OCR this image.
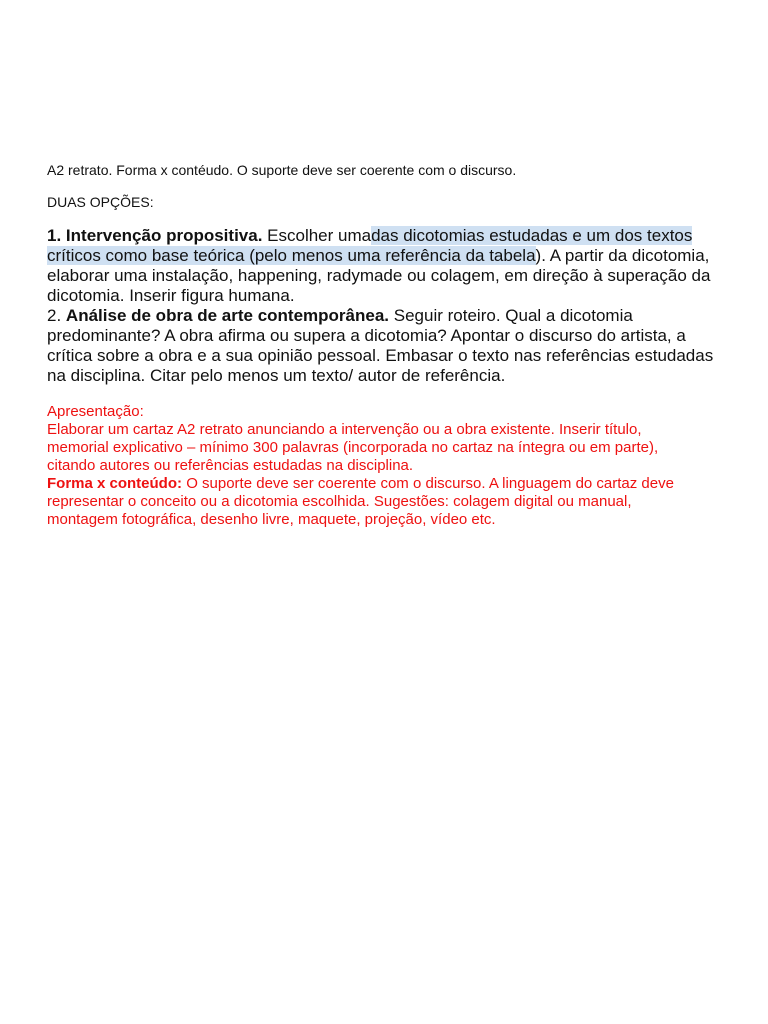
A2 retrato. Forma x contéudo. O suporte deve ser coerente com o discurso.
DUAS OPÇÕES:
1. Intervenção propositiva. Escolher umadas dicotomias estudadas e um dos textos
críticos como base teórica (pelo menos uma referência da tabela). A partir da dicotomia,
elaborar uma instalação, happening, radymade ou colagem, em direção à superação da
dicotomia. Inserir figura humana.
2. Análise de obra de arte contemporânea. Seguir roteiro. Qual a dicotomia
predominante? A obra afirma ou supera a dicotomia? Apontar o discurso do artista, a
crítica sobre a obra e a sua opinião pessoal. Embasar o texto nas referências estudadas
na disciplina. Citar pelo menos um texto/ autor de referência.
Apresentação:
Elaborar um cartaz A2 retrato anunciando a intervenção ou a obra existente. Inserir título,
memorial explicativo – mínimo 300 palavras (incorporada no cartaz na íntegra ou em parte),
citando autores ou referências estudadas na disciplina.
Forma x conteúdo: O suporte deve ser coerente com o discurso. A linguagem do cartaz deve
representar o conceito ou a dicotomia escolhida. Sugestões: colagem digital ou manual,
montagem fotográfica, desenho livre, maquete, projeção, vídeo etc.
